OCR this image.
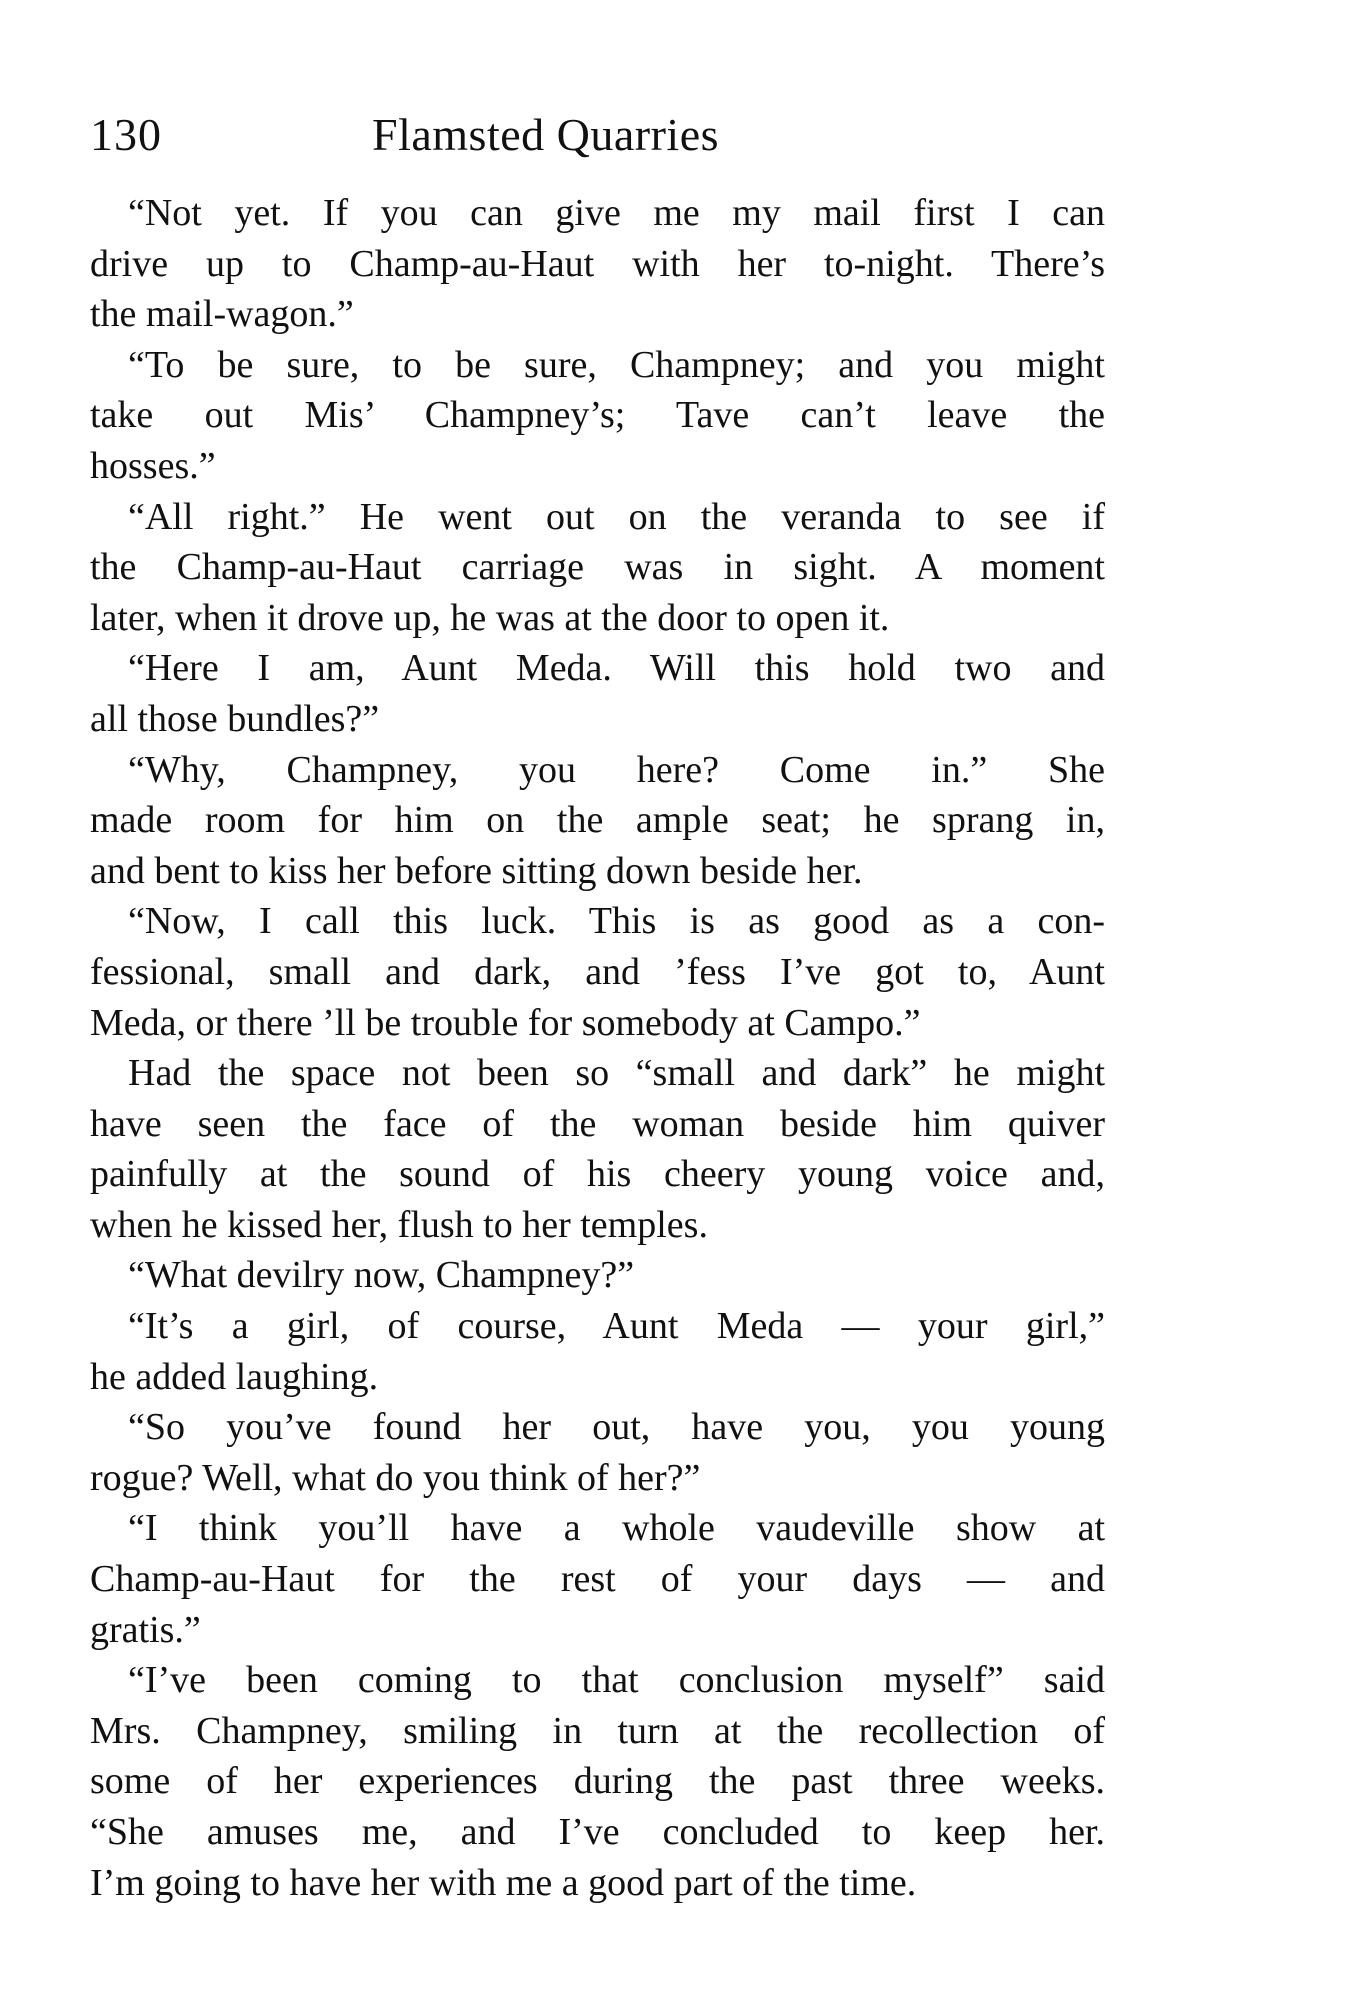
130	Flamsted Quarries
“Not yet. If you can give me my mail first I can
drive up to Champ-au-Haut with her to-night. There’s
the mail-wagon.”
“To be sure, to be sure, Champney; and you might
take out Mis’ Champney’s; Tave can’t leave the
hosses.”
“All right.” He went out on the veranda to see if
the Champ-au-Haut carriage was in sight. A moment
later, when it drove up, he was at the door to open it.
“Here I am, Aunt Meda. Will this hold two and
all those bundles?”
“Why, Champney, you here? Come in.” She
made room for him on the ample seat; he sprang in,
and bent to kiss her before sitting down beside her.
“Now, I call this luck. This is as good as a con-
fessional, small and dark, and ’fess I’ve got to, Aunt
Meda, or there ’ll be trouble for somebody at Campo.”
Had the space not been so “small and dark” he might
have seen the face of the woman beside him quiver
painfully at the sound of his cheery young voice and,
when he kissed her, flush to her temples.
“What devilry now, Champney?”
“It’s a girl, of course, Aunt Meda — your girl,”
he added laughing.
“So you’ve found her out, have you, you young
rogue? Well, what do you think of her?”
“I think you’ll have a whole vaudeville show at
Champ-au-Haut for the rest of your days — and
gratis.”
“I’ve been coming to that conclusion myself” said
Mrs. Champney, smiling in turn at the recollection of
some of her experiences during the past three weeks.
“She amuses me, and I’ve concluded to keep her.
I’m going to have her with me a good part of the time.
